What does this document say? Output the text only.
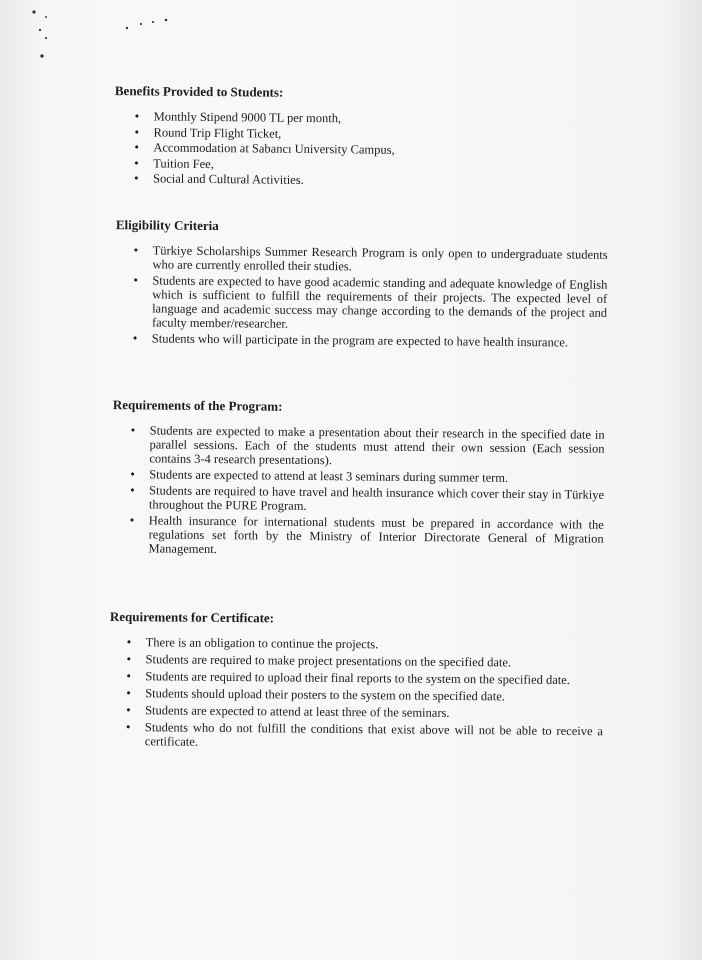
Benefits Provided to Students:
• Monthly Stipend 9000 TL per month,
• Round Trip Flight Ticket,
• Accommodation at Sabancı University Campus,
• Tuition Fee,
• Social and Cultural Activities.
Eligibility Criteria
• Türkiye Scholarships Summer Research Program is only open to undergraduate students who are currently enrolled their studies.
• Students are expected to have good academic standing and adequate knowledge of English which is sufficient to fulfill the requirements of their projects. The expected level of language and academic success may change according to the demands of the project and faculty member/researcher.
• Students who will participate in the program are expected to have health insurance.
Requirements of the Program:
• Students are expected to make a presentation about their research in the specified date in parallel sessions. Each of the students must attend their own session (Each session contains 3-4 research presentations).
• Students are expected to attend at least 3 seminars during summer term.
• Students are required to have travel and health insurance which cover their stay in Türkiye throughout the PURE Program.
• Health insurance for international students must be prepared in accordance with the regulations set forth by the Ministry of Interior Directorate General of Migration Management.
Requirements for Certificate:
• There is an obligation to continue the projects.
• Students are required to make project presentations on the specified date.
• Students are required to upload their final reports to the system on the specified date.
• Students should upload their posters to the system on the specified date.
• Students are expected to attend at least three of the seminars.
• Students who do not fulfill the conditions that exist above will not be able to receive a certificate.
